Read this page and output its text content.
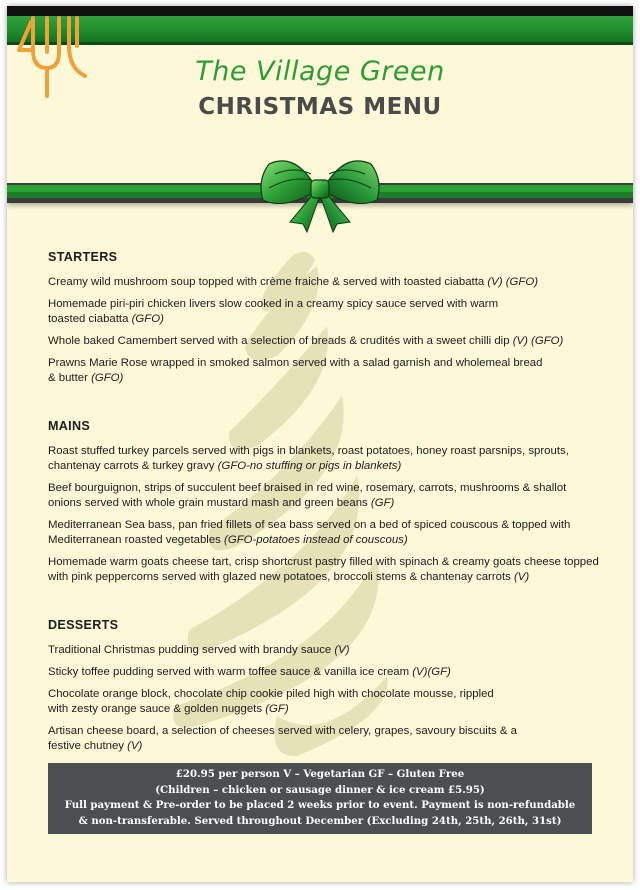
The Village Green
CHRISTMAS MENU
STARTERS
Creamy wild mushroom soup topped with crème fraiche & served with toasted ciabatta (V) (GFO)
Homemade piri-piri chicken livers slow cooked in a creamy spicy sauce served with warm toasted ciabatta (GFO)
Whole baked Camembert served with a selection of breads & crudités with a sweet chilli dip (V) (GFO)
Prawns Marie Rose wrapped in smoked salmon served with a salad garnish and wholemeal bread & butter (GFO)
MAINS
Roast stuffed turkey parcels served with pigs in blankets, roast potatoes, honey roast parsnips, sprouts, chantenay carrots & turkey gravy (GFO-no stuffing or pigs in blankets)
Beef bourguignon, strips of succulent beef braised in red wine, rosemary, carrots, mushrooms & shallot onions served with whole grain mustard mash and green beans (GF)
Mediterranean Sea bass, pan fried fillets of sea bass served on a bed of spiced couscous & topped with Mediterranean roasted vegetables (GFO-potatoes instead of couscous)
Homemade warm goats cheese tart, crisp shortcrust pastry filled with spinach & creamy goats cheese topped with pink peppercorns served with glazed new potatoes, broccoli stems & chantenay carrots (V)
DESSERTS
Traditional Christmas pudding served with brandy sauce (V)
Sticky toffee pudding served with warm toffee sauce & vanilla ice cream (V)(GF)
Chocolate orange block, chocolate chip cookie piled high with chocolate mousse, rippled with zesty orange sauce & golden nuggets (GF)
Artisan cheese board, a selection of cheeses served with celery, grapes, savoury biscuits & a festive chutney (V)
£20.95 per person V – Vegetarian GF – Gluten Free
(Children – chicken or sausage dinner & ice cream £5.95)
Full payment & Pre-order to be placed 2 weeks prior to event. Payment is non-refundable
& non-transferable. Served throughout December (Excluding 24th, 25th, 26th, 31st)
